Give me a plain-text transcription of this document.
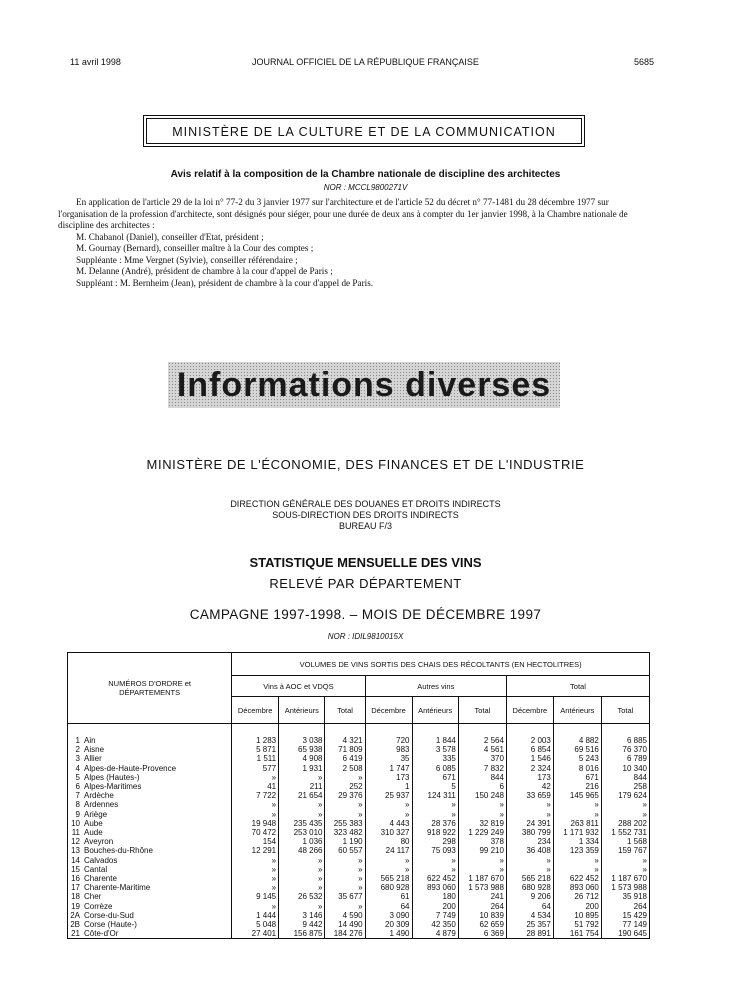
11 avril 1998	JOURNAL OFFICIEL DE LA RÉPUBLIQUE FRANÇAISE	5685
MINISTÈRE DE LA CULTURE ET DE LA COMMUNICATION
Avis relatif à la composition de la Chambre nationale de discipline des architectes
NOR : MCCL9800271V

En application de l'article 29 de la loi n° 77-2 du 3 janvier 1977 sur l'architecture et de l'article 52 du décret n° 77-1481 du 28 décembre 1977 sur l'organisation de la profession d'architecte, sont désignés pour siéger, pour une durée de deux ans à compter du 1er janvier 1998, à la Chambre nationale de discipline des architectes :

M. Chabanol (Daniel), conseiller d'Etat, président ;

M. Gournay (Bernard), conseiller maître à la Cour des comptes ;

Suppléante : Mme Vergnet (Sylvie), conseiller référendaire ;

M. Delanne (André), président de chambre à la cour d'appel de Paris ;

Suppléant : M. Bernheim (Jean), président de chambre à la cour d'appel de Paris.

Informations diverses
MINISTÈRE DE L'ÉCONOMIE, DES FINANCES ET DE L'INDUSTRIE
DIRECTION GÉNÉRALE DES DOUANES ET DROITS INDIRECTS
SOUS-DIRECTION DES DROITS INDIRECTS
BUREAU F/3
STATISTIQUE MENSUELLE DES VINS
RELEVÉ PAR DÉPARTEMENT
CAMPAGNE 1997-1998. – MOIS DE DÉCEMBRE 1997
NOR : IDIL9810015X
NUMÉROS D'ORDRE et DÉPARTEMENTS		VOLUMES DE VINS SORTIS DES CHAIS DES RÉCOLTANTS (EN HECTOLITRES)								
		Vins à AOC et VDQS			Autres vins			Total		
		Décembre	Antérieurs	Total	Décembre	Antérieurs	Total	Décembre	Antérieurs	Total

1	Ain	1 283	3 038	4 321	720	1 844	2 564	2 003	4 882	6 885
2	Aisne	5 871	65 938	71 809	983	3 578	4 561	6 854	69 516	76 370
3	Allier	1 511	4 908	6 419	35	335	370	1 546	5 243	6 789
4	Alpes-de-Haute-Provence	577	1 931	2 508	1 747	6 085	7 832	2 324	8 016	10 340
5	Alpes (Hautes-)	»	»	»	173	671	844	173	671	844
6	Alpes-Maritimes	41	211	252	1	5	6	42	216	258
7	Ardèche	7 722	21 654	29 376	25 937	124 311	150 248	33 659	145 965	179 624
8	Ardennes	»	»	»	»	»	»	»	»	»
9	Ariège	»	»	»	»	»	»	»	»	»
10	Aube	19 948	235 435	255 383	4 443	28 376	32 819	24 391	263 811	288 202
11	Aude	70 472	253 010	323 482	310 327	918 922	1 229 249	380 799	1 171 932	1 552 731
12	Aveyron	154	1 036	1 190	80	298	378	234	1 334	1 568
13	Bouches-du-Rhône	12 291	48 266	60 557	24 117	75 093	99 210	36 408	123 359	159 767
14	Calvados	»	»	»	»	»	»	»	»	»
15	Cantal	»	»	»	»	»	»	»	»	»
16	Charente	»	»	»	565 218	622 452	1 187 670	565 218	622 452	1 187 670
17	Charente-Maritime	»	»	»	680 928	893 060	1 573 988	680 928	893 060	1 573 988
18	Cher	9 145	26 532	35 677	61	180	241	9 206	26 712	35 918
19	Corrèze	»	»	»	64	200	264	64	200	264
2A	Corse-du-Sud	1 444	3 146	4 590	3 090	7 749	10 839	4 534	10 895	15 429
2B	Corse (Haute-)	5 048	9 442	14 490	20 309	42 350	62 659	25 357	51 792	77 149
21	Côte-d'Or	27 401	156 875	184 276	1 490	4 879	6 369	28 891	161 754	190 645
